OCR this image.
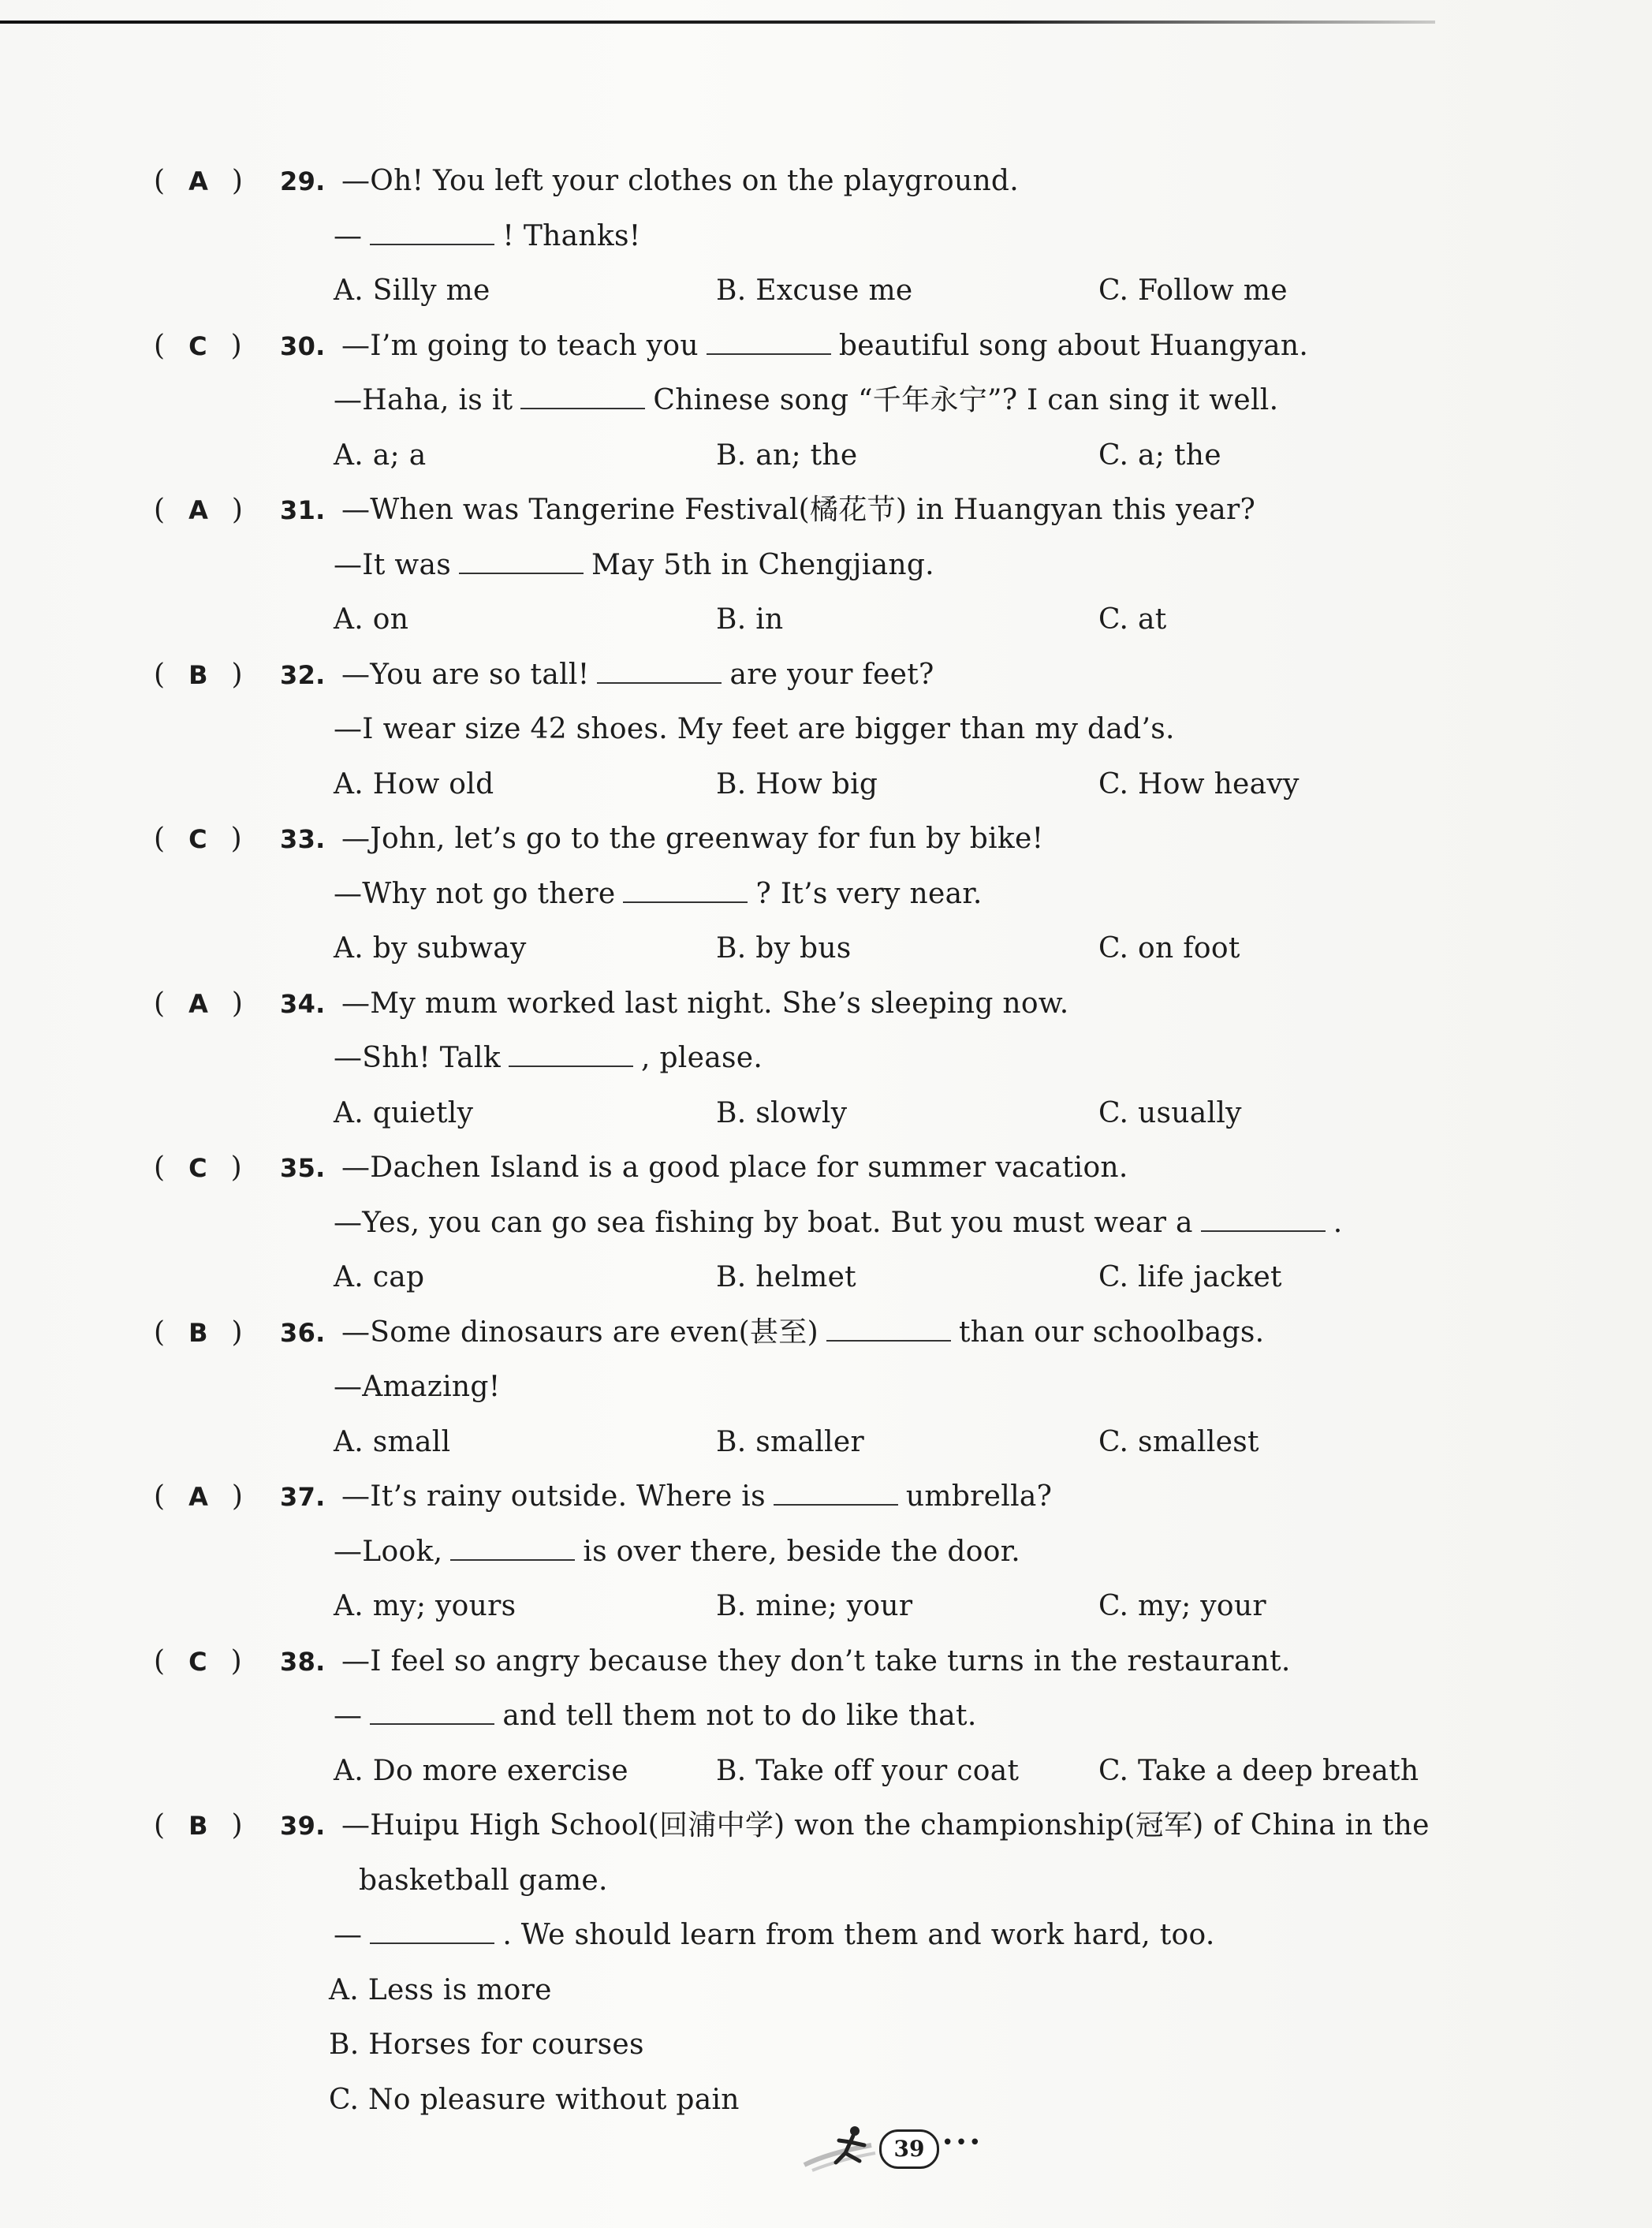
( A ) 29. —Oh! You left your clothes on the playground.
—	! Thanks!
A. Silly me	B. Excuse me	C. Follow me
( C ) 30. —I’m going to teach you	beautiful song about Huangyan.
—Haha, is it	Chinese song “千年永宁”? I can sing it well.
A. a; a	B. an; the	C. a; the
( A ) 31. —When was Tangerine Festival(橘花节) in Huangyan this year?
—It was	May 5th in Chengjiang.
A. on	B. in	C. at
( B ) 32. —You are so tall!	are your feet?
—I wear size 42 shoes. My feet are bigger than my dad’s.
A. How old	B. How big	C. How heavy
( C ) 33. —John, let’s go to the greenway for fun by bike!
—Why not go there	? It’s very near.
A. by subway	B. by bus	C. on foot
( A ) 34. —My mum worked last night. She’s sleeping now.
—Shh! Talk	, please.
A. quietly	B. slowly	C. usually
( C ) 35. —Dachen Island is a good place for summer vacation.
—Yes, you can go sea fishing by boat. But you must wear a	.
A. cap	B. helmet	C. life jacket
( B ) 36. —Some dinosaurs are even(甚至)	than our schoolbags.
—Amazing!
A. small	B. smaller	C. smallest
( A ) 37. —It’s rainy outside. Where is	umbrella?
—Look,	is over there, beside the door.
A. my; yours	B. mine; your	C. my; your
( C ) 38. —I feel so angry because they don’t take turns in the restaurant.
—	and tell them not to do like that.
A. Do more exercise	B. Take off your coat	C. Take a deep breath
( B ) 39. —Huipu High School(回浦中学) won the championship(冠军) of China in the
basketball game.
—	. We should learn from them and work hard, too.
A. Less is more
B. Horses for courses
C. No pleasure without pain
39 •••
